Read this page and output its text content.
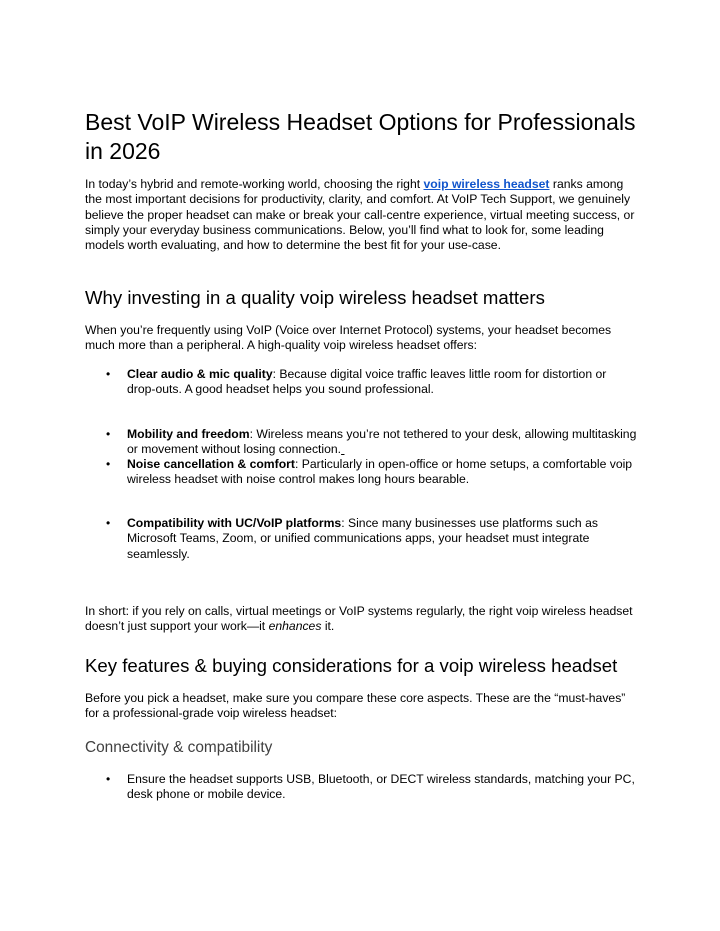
Best VoIP Wireless Headset Options for Professionals in 2026

In today’s hybrid and remote-working world, choosing the right voip wireless headset ranks among the most important decisions for productivity, clarity, and comfort. At VoIP Tech Support, we genuinely believe the proper headset can make or break your call-centre experience, virtual meeting success, or simply your everyday business communications. Below, you’ll find what to look for, some leading models worth evaluating, and how to determine the best fit for your use-case.

Why investing in a quality voip wireless headset matters

When you’re frequently using VoIP (Voice over Internet Protocol) systems, your headset becomes much more than a peripheral. A high-quality voip wireless headset offers:

• Clear audio & mic quality: Because digital voice traffic leaves little room for distortion or drop-outs. A good headset helps you sound professional.
• Mobility and freedom: Wireless means you’re not tethered to your desk, allowing multitasking or movement without losing connection.
• Noise cancellation & comfort: Particularly in open-office or home setups, a comfortable voip wireless headset with noise control makes long hours bearable.
• Compatibility with UC/VoIP platforms: Since many businesses use platforms such as Microsoft Teams, Zoom, or unified communications apps, your headset must integrate seamlessly.

In short: if you rely on calls, virtual meetings or VoIP systems regularly, the right voip wireless headset doesn’t just support your work—it enhances it.

Key features & buying considerations for a voip wireless headset

Before you pick a headset, make sure you compare these core aspects. These are the “must-haves” for a professional-grade voip wireless headset:

Connectivity & compatibility
• Ensure the headset supports USB, Bluetooth, or DECT wireless standards, matching your PC, desk phone or mobile device.
